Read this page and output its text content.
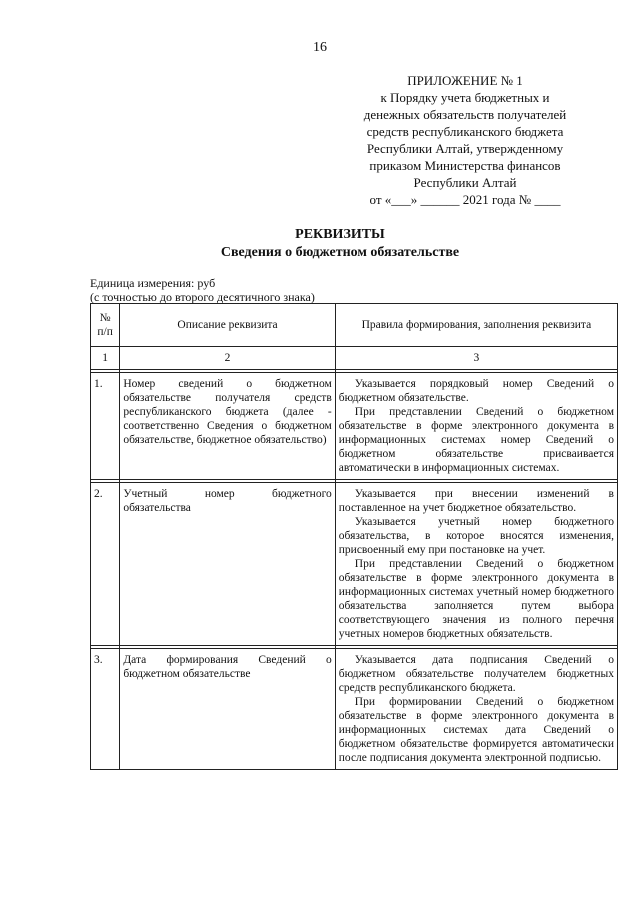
16
ПРИЛОЖЕНИЕ № 1
к Порядку учета бюджетных и
денежных обязательств получателей
средств республиканского бюджета
Республики Алтай, утвержденному
приказом Министерства финансов
Республики Алтай
от «___» ______ 2021 года № ____
РЕКВИЗИТЫ
Сведения о бюджетном обязательстве
Единица измерения: руб
(с точностью до второго десятичного знака)
№ п/п	Описание реквизита	Правила формирования, заполнения реквизита
1	2	3

1.	Номер сведений о бюджетном обязательстве получателя средств республиканского бюджета (далее - соответственно Сведения о бюджетном обязательстве, бюджетное обязательство)	Указывается порядковый номер Сведений о бюджетном обязательстве.

При представлении Сведений о бюджетном обязательстве в форме электронного документа в информационных системах номер Сведений о бюджетном обязательстве присваивается автоматически в информационных системах.

2.	Учетный номер бюджетного обязательства	Указывается при внесении изменений в поставленное на учет бюджетное обязательство.

Указывается учетный номер бюджетного обязательства, в которое вносятся изменения, присвоенный ему при постановке на учет.

При представлении Сведений о бюджетном обязательстве в форме электронного документа в информационных системах учетный номер бюджетного обязательства заполняется путем выбора соответствующего значения из полного перечня учетных номеров бюджетных обязательств.

3.	Дата формирования Сведений о бюджетном обязательстве	Указывается дата подписания Сведений о бюджетном обязательстве получателем бюджетных средств республиканского бюджета.

При формировании Сведений о бюджетном обязательстве в форме электронного документа в информационных системах дата Сведений о бюджетном обязательстве формируется автоматически после подписания документа электронной подписью.
